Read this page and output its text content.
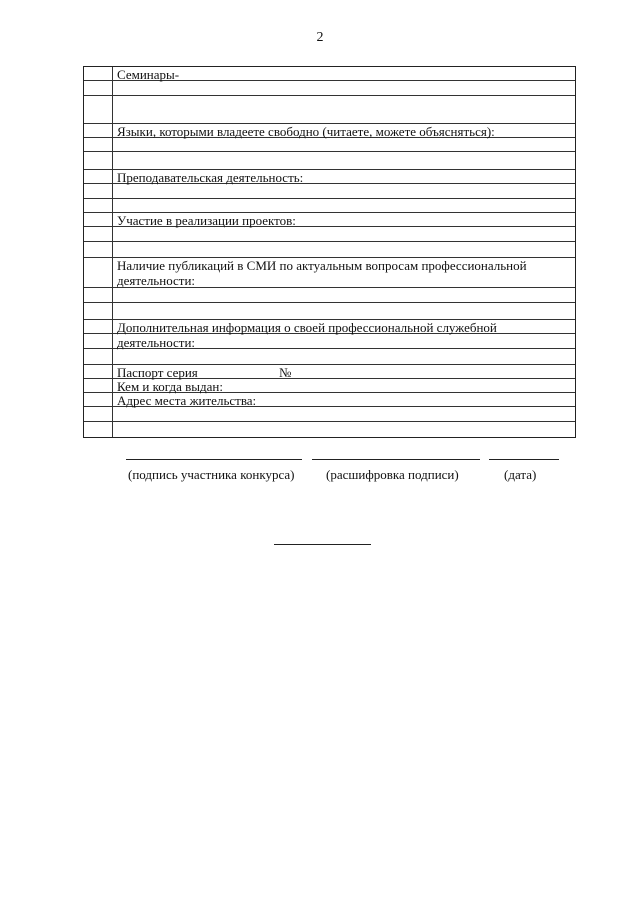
2
Семинары-
Языки, которыми владеете свободно (читаете, можете объясняться):
Преподавательская деятельность:
Участие в реализации проектов:
Наличие публикаций в СМИ по актуальным вопросам профессиональной
деятельности:
Дополнительная информация о своей профессиональной служебной деятельности:
Паспорт серия	№
Кем и когда выдан:
Адрес места жительства:
(подпись участника конкурса) (расшифровка подписи)	(дата)
